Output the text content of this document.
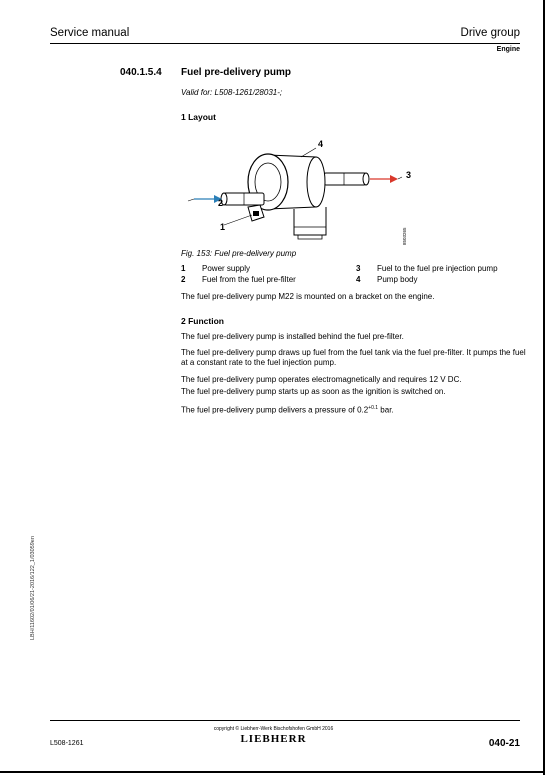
Service manual	Drive group
Engine
040.1.5.4 Fuel pre-delivery pump
Valid for: L508-1261/28031-;
1 Layout
2
3
1
4
8503265
Fig. 153: Fuel pre-delivery pump
1 Power supply	3 Fuel to the fuel pre injection pump
2 Fuel from the fuel pre-filter	4 Pump body

The fuel pre-delivery pump M22 is mounted on a bracket on the engine.

2 Function

The fuel pre-delivery pump is installed behind the fuel pre-filter.

The fuel pre-delivery pump draws up fuel from the fuel tank via the fuel pre-filter. It pumps the fuel at a constant rate to the fuel injection pump.

The fuel pre-delivery pump operates electromagnetically and requires 12 V DC.

The fuel pre-delivery pump starts up as soon as the ignition is switched on.

The fuel pre-delivery pump delivers a pressure of $0.2^{+0.1}$ bar.

LBH/11602/01/06/21-2016/122_1/03059en
L508-1261
copyright © Liebherr-Werk Bischofshofen GmbH 2016
LIEBHERR	040-21
